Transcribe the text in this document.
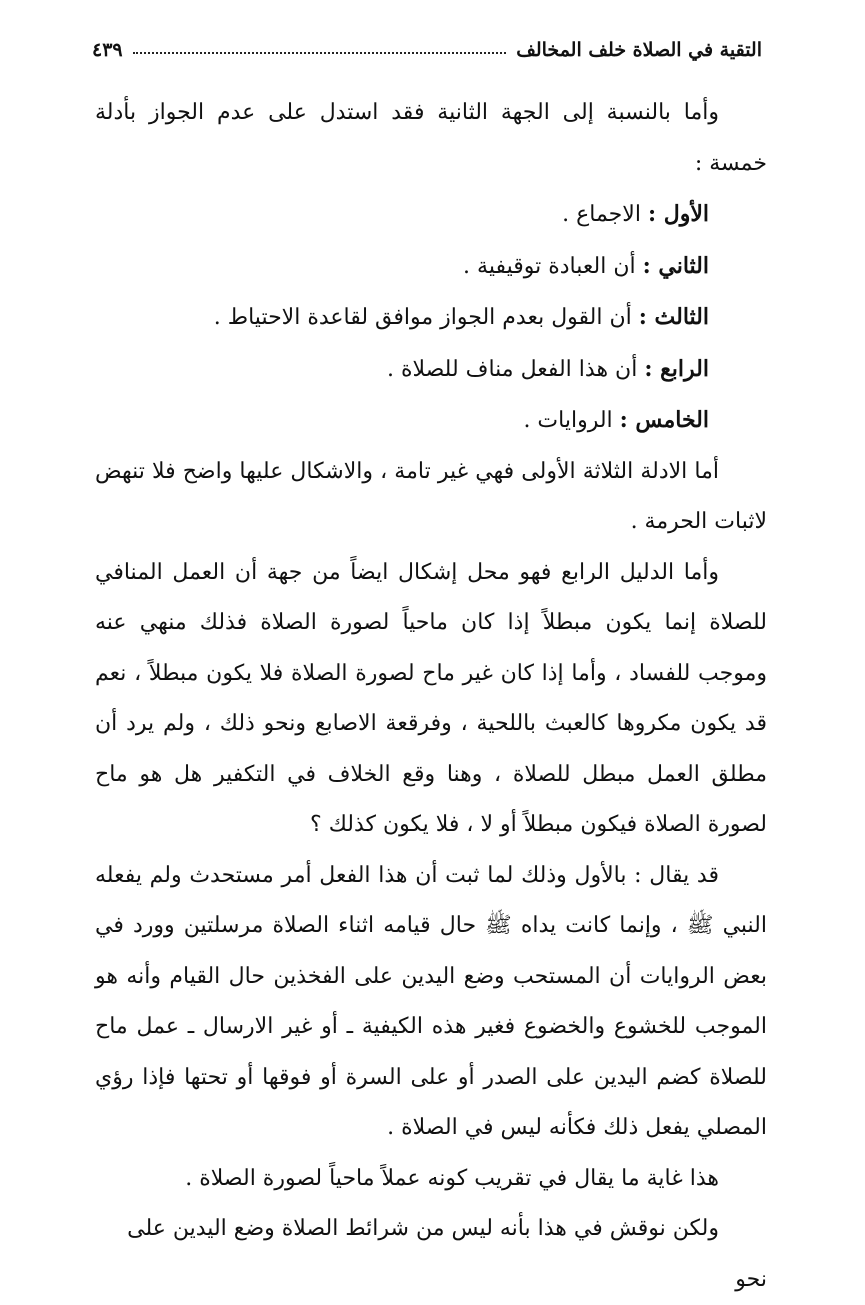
التقية في الصلاة خلف المخالف
٤٣٩

وأما بالنسبة إلى الجهة الثانية فقد استدل على عدم الجواز بأدلة خمسة :

الأول : الاجماع .

الثاني : أن العبادة توقيفية .

الثالث : أن القول بعدم الجواز موافق لقاعدة الاحتياط .

الرابع : أن هذا الفعل مناف للصلاة .

الخامس : الروايات .

أما الادلة الثلاثة الأولى فهي غير تامة ، والاشكال عليها واضح فلا تنهض لاثبات الحرمة .

وأما الدليل الرابع فهو محل إشكال ايضاً من جهة أن العمل المنافي للصلاة إنما يكون مبطلاً إذا كان ماحياً لصورة الصلاة فذلك منهي عنه وموجب للفساد ، وأما إذا كان غير ماح لصورة الصلاة فلا يكون مبطلاً ، نعم قد يكون مكروها كالعبث باللحية ، وفرقعة الاصابع ونحو ذلك ، ولم يرد أن مطلق العمل مبطل للصلاة ، وهنا وقع الخلاف في التكفير هل هو ماح لصورة الصلاة فيكون مبطلاً أو لا ، فلا يكون كذلك ؟

قد يقال : بالأول وذلك لما ثبت أن هذا الفعل أمر مستحدث ولم يفعله النبي ﷺ ، وإنما كانت يداه ﷺ حال قيامه اثناء الصلاة مرسلتين وورد في بعض الروايات أن المستحب وضع اليدين على الفخذين حال القيام وأنه هو الموجب للخشوع والخضوع فغير هذه الكيفية ـ أو غير الارسال ـ عمل ماح للصلاة كضم اليدين على الصدر أو على السرة أو فوقها أو تحتها فإذا رؤي المصلي يفعل ذلك فكأنه ليس في الصلاة .

هذا غاية ما يقال في تقريب كونه عملاً ماحياً لصورة الصلاة .

ولكن نوقش في هذا بأنه ليس من شرائط الصلاة وضع اليدين على نحو
